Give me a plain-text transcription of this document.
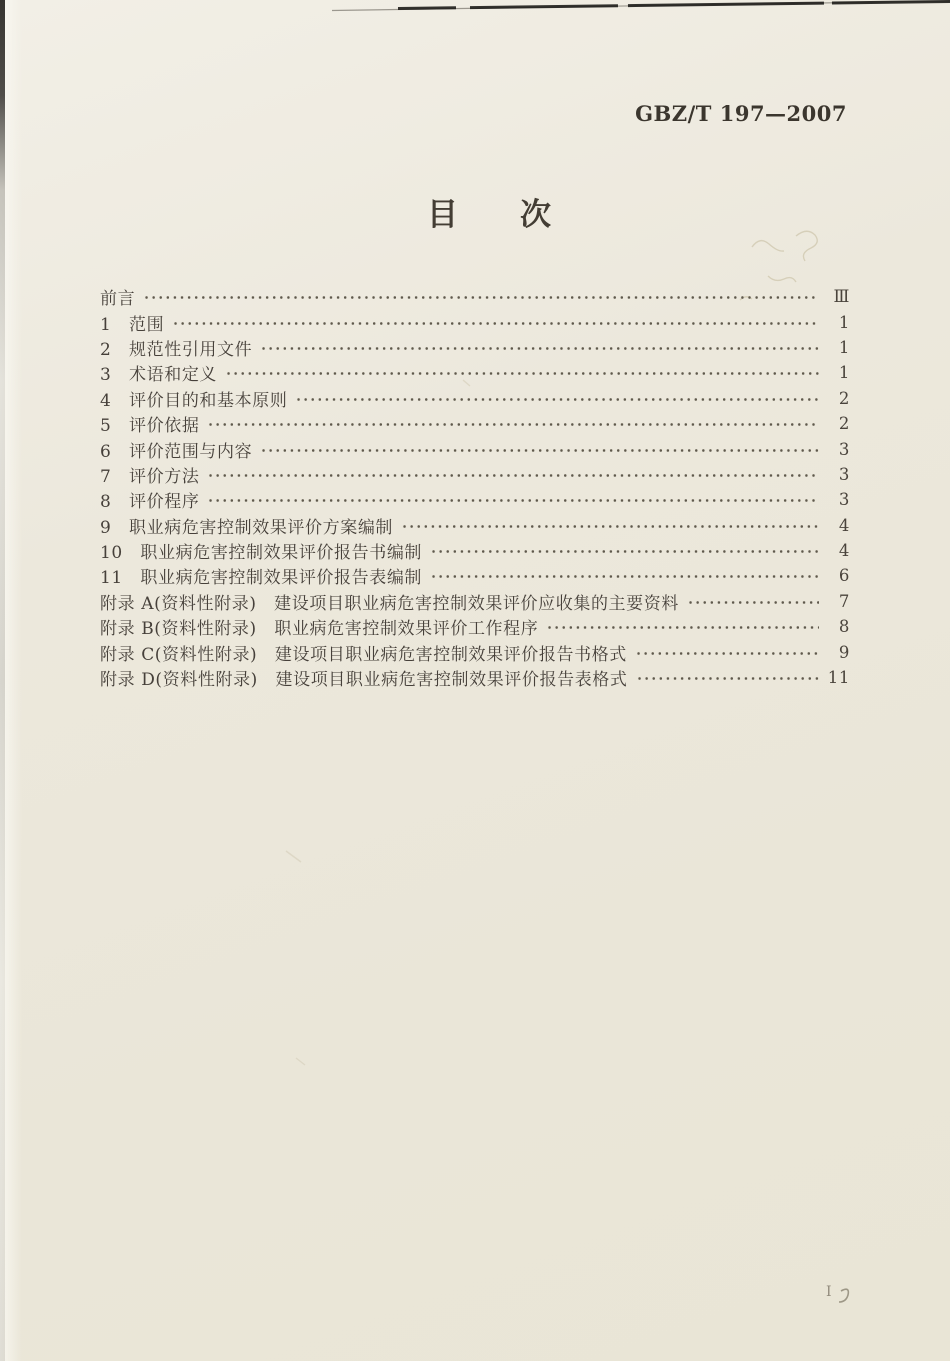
GBZ/T 197—2007
目　　次
前言	Ⅲ
1　范围	1
2　规范性引用文件	1
3　术语和定义	1
4　评价目的和基本原则	2
5　评价依据	2
6　评价范围与内容	3
7　评价方法	3
8　评价程序	3
9　职业病危害控制效果评价方案编制	4
10　职业病危害控制效果评价报告书编制	4
11　职业病危害控制效果评价报告表编制	6
附录 A(资料性附录)　建设项目职业病危害控制效果评价应收集的主要资料	7
附录 B(资料性附录)　职业病危害控制效果评价工作程序	8
附录 C(资料性附录)　建设项目职业病危害控制效果评价报告书格式	9
附录 D(资料性附录)　建设项目职业病危害控制效果评价报告表格式	11
Ⅰ
